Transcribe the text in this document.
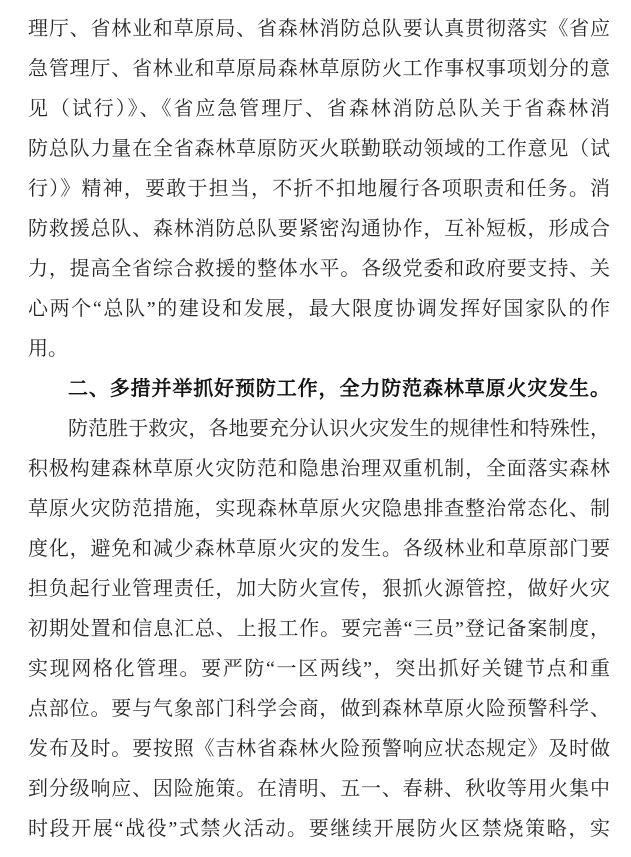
理厅、省林业和草原局、省森林消防总队要认真贯彻落实《省应
急管理厅、省林业和草原局森林草原防火工作事权事项划分的意
见（试行）》、《省应急管理厅、省森林消防总队关于省森林消
防总队力量在全省森林草原防灭火联勤联动领域的工作意见（试
行）》精神，要敢于担当，不折不扣地履行各项职责和任务。消
防救援总队、森林消防总队要紧密沟通协作，互补短板，形成合
力，提高全省综合救援的整体水平。各级党委和政府要支持、关
心两个“总队”的建设和发展，最大限度协调发挥好国家队的作
用。
二、多措并举抓好预防工作，全力防范森林草原火灾发生。
防范胜于救灾，各地要充分认识火灾发生的规律性和特殊性，
积极构建森林草原火灾防范和隐患治理双重机制，全面落实森林
草原火灾防范措施，实现森林草原火灾隐患排查整治常态化、制
度化，避免和减少森林草原火灾的发生。各级林业和草原部门要
担负起行业管理责任，加大防火宣传，狠抓火源管控，做好火灾
初期处置和信息汇总、上报工作。要完善“三员”登记备案制度，
实现网格化管理。要严防“一区两线”，突出抓好关键节点和重
点部位。要与气象部门科学会商，做到森林草原火险预警科学、
发布及时。要按照《吉林省森林火险预警响应状态规定》及时做
到分级响应、因险施策。在清明、五一、春耕、秋收等用火集中
时段开展“战役”式禁火活动。要继续开展防火区禁烧策略，实
